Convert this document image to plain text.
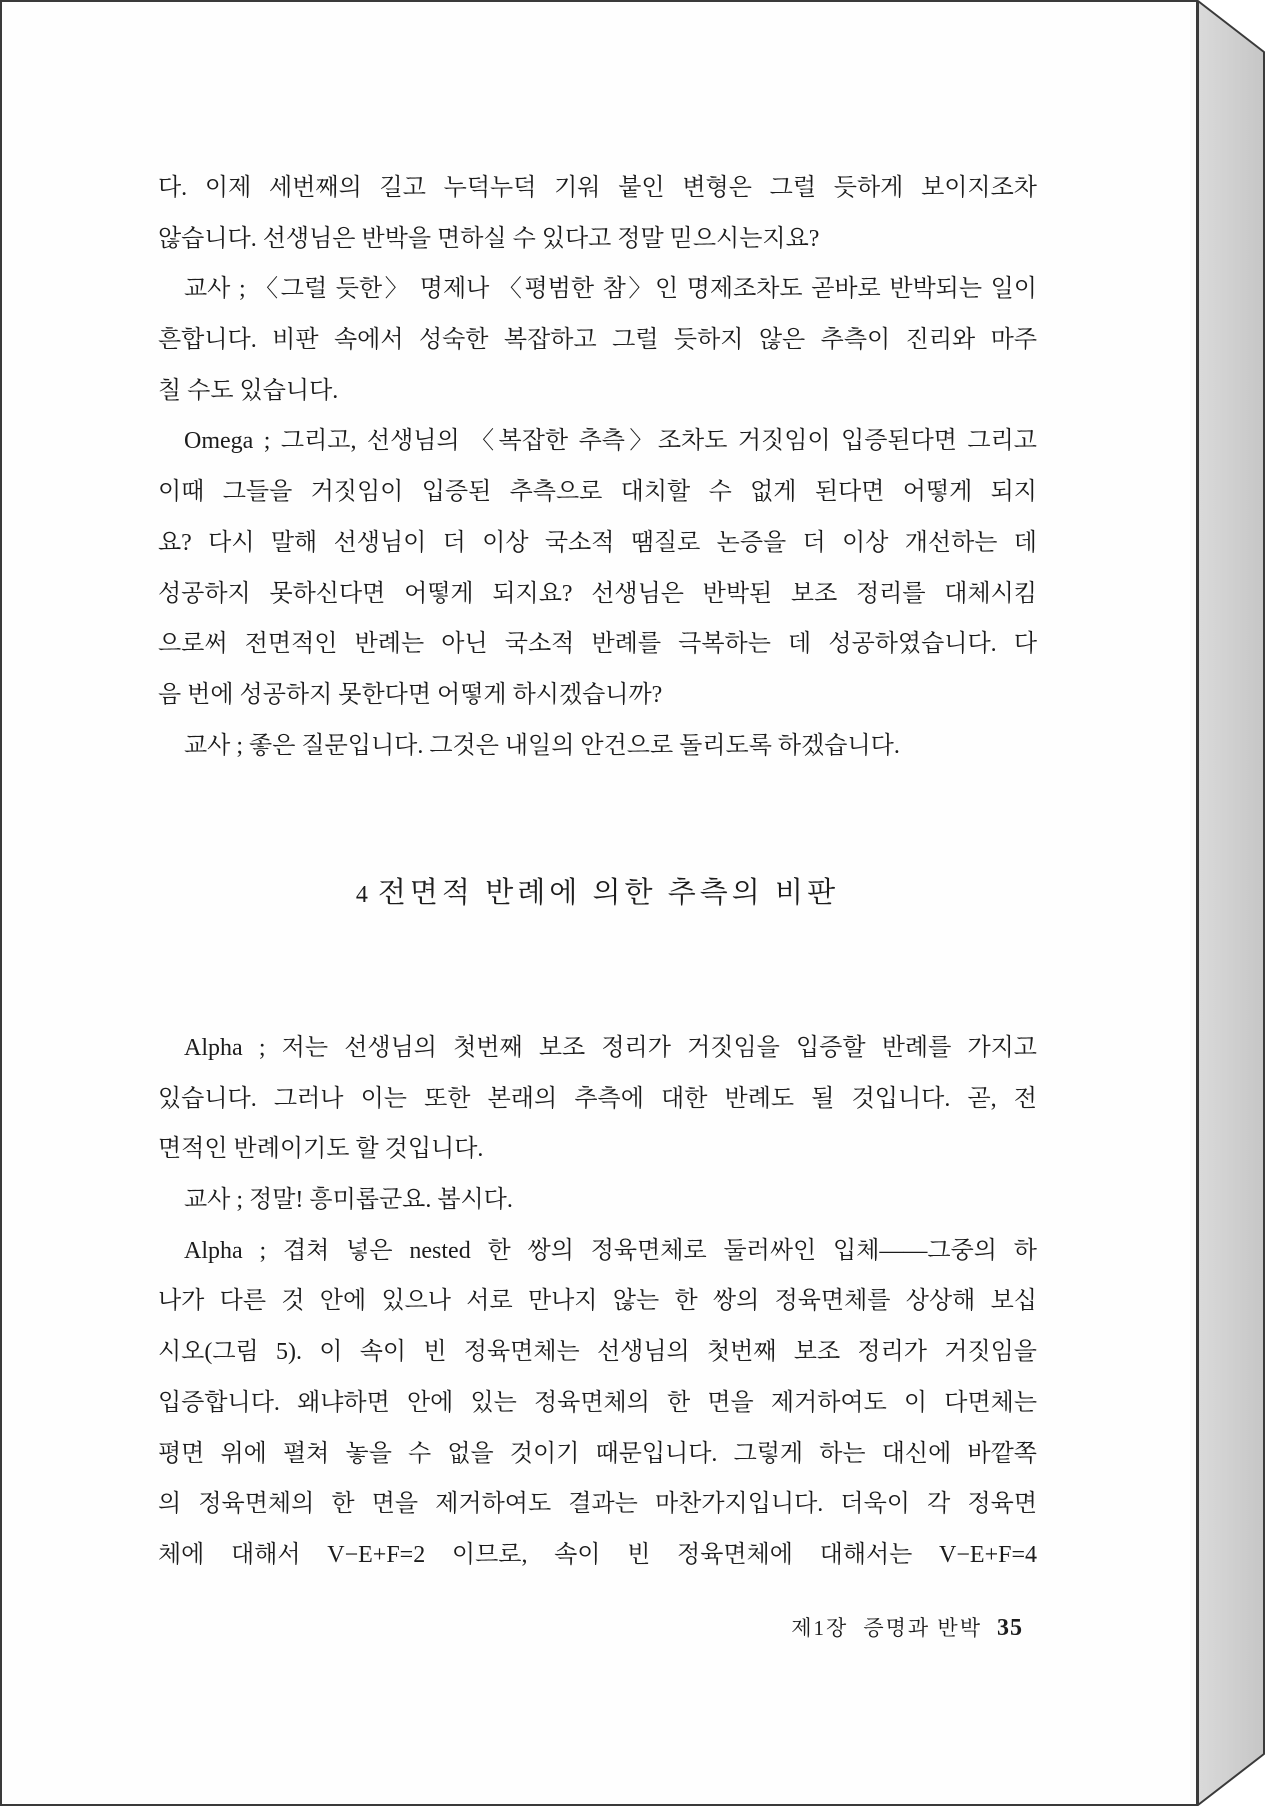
다. 이제 세번째의 길고 누덕누덕 기워 붙인 변형은 그럴 듯하게 보이지조차
않습니다. 선생님은 반박을 면하실 수 있다고 정말 믿으시는지요?
교사 ; 〈그럴 듯한〉 명제나 〈평범한 참〉인 명제조차도 곧바로 반박되는 일이
흔합니다. 비판 속에서 성숙한 복잡하고 그럴 듯하지 않은 추측이 진리와 마주
칠 수도 있습니다.
Omega ; 그리고, 선생님의 〈복잡한 추측〉조차도 거짓임이 입증된다면 그리고
이때 그들을 거짓임이 입증된 추측으로 대치할 수 없게 된다면 어떻게 되지
요? 다시 말해 선생님이 더 이상 국소적 땜질로 논증을 더 이상 개선하는 데
성공하지 못하신다면 어떻게 되지요? 선생님은 반박된 보조 정리를 대체시킴
으로써 전면적인 반례는 아닌 국소적 반례를 극복하는 데 성공하였습니다. 다
음 번에 성공하지 못한다면 어떻게 하시겠습니까?
교사 ; 좋은 질문입니다. 그것은 내일의 안건으로 돌리도록 하겠습니다.
4 전면적 반례에 의한 추측의 비판
Alpha ; 저는 선생님의 첫번째 보조 정리가 거짓임을 입증할 반례를 가지고
있습니다. 그러나 이는 또한 본래의 추측에 대한 반례도 될 것입니다. 곧, 전
면적인 반례이기도 할 것입니다.
교사 ; 정말! 흥미롭군요. 봅시다.
Alpha ; 겹쳐 넣은 nested 한 쌍의 정육면체로 둘러싸인 입체――그중의 하
나가 다른 것 안에 있으나 서로 만나지 않는 한 쌍의 정육면체를 상상해 보십
시오(그림 5). 이 속이 빈 정육면체는 선생님의 첫번째 보조 정리가 거짓임을
입증합니다. 왜냐하면 안에 있는 정육면체의 한 면을 제거하여도 이 다면체는
평면 위에 펼쳐 놓을 수 없을 것이기 때문입니다. 그렇게 하는 대신에 바깥쪽
의 정육면체의 한 면을 제거하여도 결과는 마찬가지입니다. 더욱이 각 정육면
체에 대해서 V−E+F=2 이므로, 속이 빈 정육면체에 대해서는 V−E+F=4
제1장 증명과 반박 35
